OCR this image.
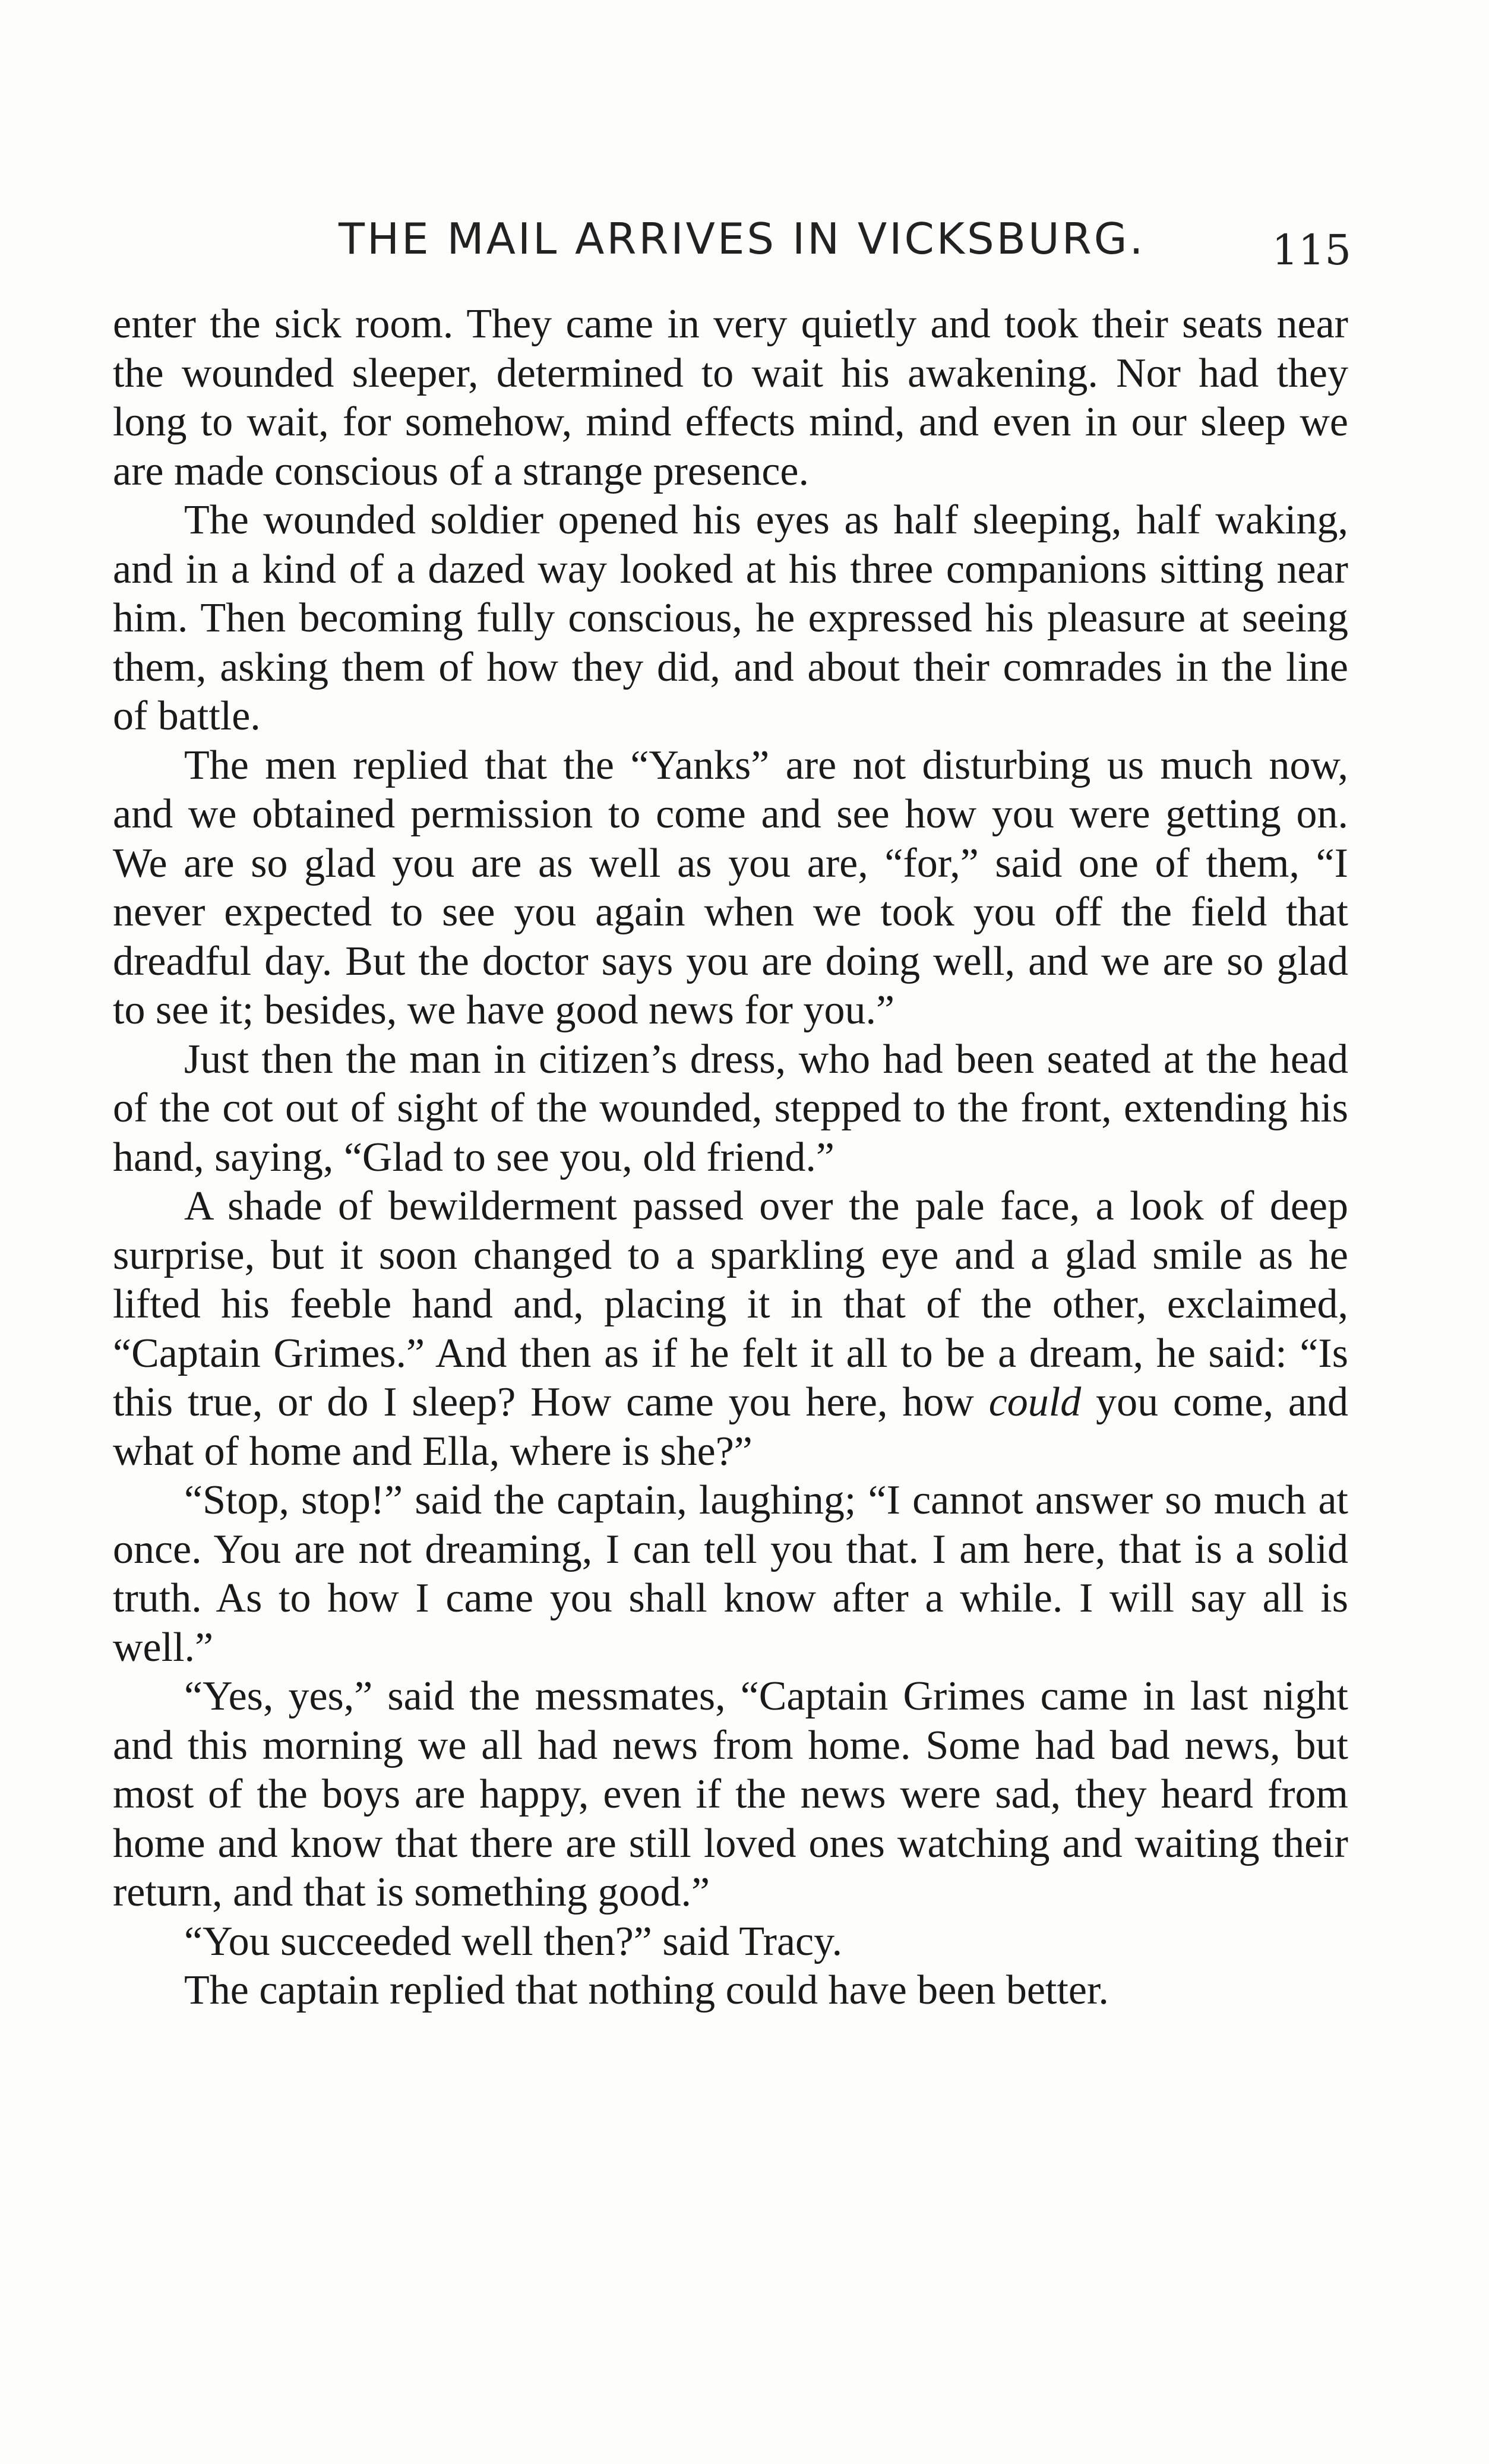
THE MAIL ARRIVES IN VICKSBURG.	115

enter the sick room. They came in very quietly and took their seats near the wounded sleeper, determined to wait his awakening. Nor had they long to wait, for somehow, mind effects mind, and even in our sleep we are made conscious of a strange presence.

The wounded soldier opened his eyes as half sleeping, half waking, and in a kind of a dazed way looked at his three companions sitting near him. Then becoming fully conscious, he expressed his pleasure at seeing them, asking them of how they did, and about their comrades in the line of battle.

The men replied that the “Yanks” are not disturbing us much now, and we obtained permission to come and see how you were getting on. We are so glad you are as well as you are, “for,” said one of them, “I never expected to see you again when we took you off the field that dreadful day. But the doctor says you are doing well, and we are so glad to see it; besides, we have good news for you.”

Just then the man in citizen’s dress, who had been seated at the head of the cot out of sight of the wounded, stepped to the front, extending his hand, saying, “Glad to see you, old friend.”

A shade of bewilderment passed over the pale face, a look of deep surprise, but it soon changed to a sparkling eye and a glad smile as he lifted his feeble hand and, placing it in that of the other, exclaimed, “Captain Grimes.” And then as if he felt it all to be a dream, he said: “Is this true, or do I sleep? How came you here, how could you come, and what of home and Ella, where is she?”

“Stop, stop!” said the captain, laughing; “I cannot answer so much at once. You are not dreaming, I can tell you that. I am here, that is a solid truth. As to how I came you shall know after a while. I will say all is well.”

“Yes, yes,” said the messmates, “Captain Grimes came in last night and this morning we all had news from home. Some had bad news, but most of the boys are happy, even if the news were sad, they heard from home and know that there are still loved ones watching and waiting their return, and that is something good.”

“You succeeded well then?” said Tracy.

The captain replied that nothing could have been better.
